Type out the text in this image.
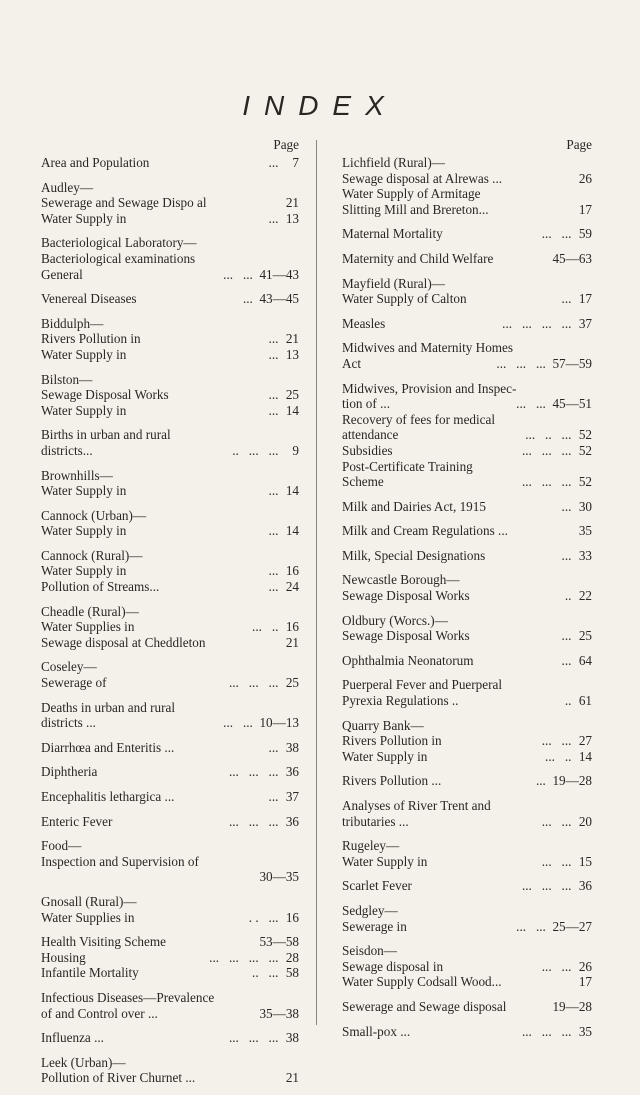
INDEX
Page
Area and Population	... 7
Audley—
Sewerage and Sewage Dispo al	21
Water Supply in	... 13
Bacteriological Laboratory—
Bacteriological examinations
General	...   ... 41—43
Venereal Diseases	... 43—45
Biddulph—
Rivers Pollution in	... 21
Water Supply in	... 13
Bilston—
Sewage Disposal Works	... 25
Water Supply in	... 14
Births in urban and rural
districts...	..   ...   ... 9
Brownhills—
Water Supply in	... 14
Cannock (Urban)—
Water Supply in	... 14
Cannock (Rural)—
Water Supply in	... 16
Pollution of Streams...	... 24
Cheadle (Rural)—
Water Supplies in	...   .. 16
Sewage disposal at Cheddleton	21
Coseley—
Sewerage of	...   ...   ... 25
Deaths in urban and rural
districts ...	...   ... 10—13
Diarrhœa and Enteritis ...	... 38
Diphtheria	...   ...   ... 36
Encephalitis lethargica ...	... 37
Enteric Fever	...   ...   ... 36
Food—
Inspection and Supervision of
30—35
Gnosall (Rural)—
Water Supplies in	. .   ... 16
Health Visiting Scheme	53—58
Housing	...   ...   ...   ... 28
Infantile Mortality	..   ... 58
Infectious Diseases—Prevalence
of and Control over ...	35—38
Influenza ...	...   ...   ... 38
Leek (Urban)—
Pollution of River Churnet ...	21
Page
Lichfield (Rural)—
Sewage disposal at Alrewas ...	26
Water Supply of Armitage
Slitting Mill and Brereton...	17
Maternal Mortality	...   ... 59
Maternity and Child Welfare	45—63
Mayfield (Rural)—
Water Supply of Calton	... 17
Measles	...   ...   ...   ... 37
Midwives and Maternity Homes
Act	...   ...   ... 57—59
Midwives, Provision and Inspec-
tion of ...	...   ... 45—51
Recovery of fees for medical
attendance	...   ..   ... 52
Subsidies	...   ...   ... 52
Post-Certificate Training
Scheme	...   ...   ... 52
Milk and Dairies Act, 1915	... 30
Milk and Cream Regulations ...	35
Milk, Special Designations	... 33
Newcastle Borough—
Sewage Disposal Works	.. 22
Oldbury (Worcs.)—
Sewage Disposal Works	... 25
Ophthalmia Neonatorum	... 64
Puerperal Fever and Puerperal
Pyrexia Regulations ..	.. 61
Quarry Bank—
Rivers Pollution in	...   ... 27
Water Supply in	...   .. 14
Rivers Pollution ...	... 19—28
Analyses of River Trent and
tributaries ...	...   ... 20
Rugeley—
Water Supply in	...   ... 15
Scarlet Fever	...   ...   ... 36
Sedgley—
Sewerage in	...   ... 25—27
Seisdon—
Sewage disposal in	...   ... 26
Water Supply Codsall Wood...	17
Sewerage and Sewage disposal	19—28
Small-pox ...	...   ...   ... 35
